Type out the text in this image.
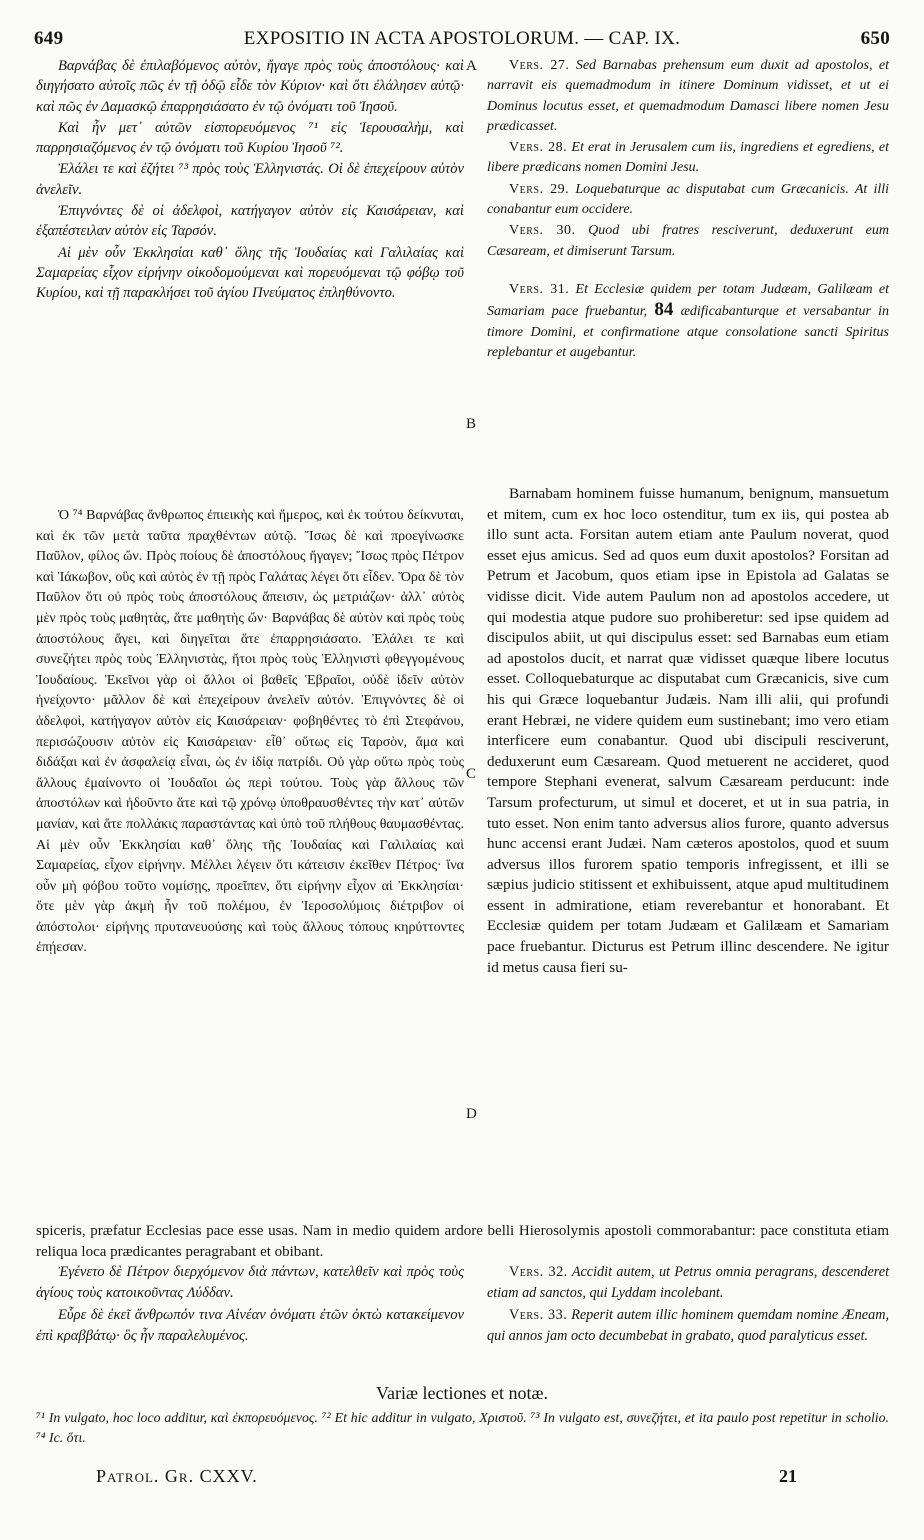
649	EXPOSITIO IN ACTA APOSTOLORUM. — CAP. IX.	650

Βαρνάβας δὲ ἐπιλαβόμενος αὐτὸν, ἤγαγε πρὸς τοὺς ἀποστόλους· καὶ διηγήσατο αὐτοῖς πῶς ἐν τῇ ὁδῷ εἶδε τὸν Κύριον· καὶ ὅτι ἐλάλησεν αὐτῷ· καὶ πῶς ἐν Δαμασκῷ ἐπαρρησιάσατο ἐν τῷ ὀνόματι τοῦ Ἰησοῦ.

Καὶ ἦν μετ᾽ αὐτῶν εἰσπορευόμενος ⁷¹ εἰς Ἱερουσαλὴμ, καὶ παρρησιαζόμενος ἐν τῷ ὀνόματι τοῦ Κυρίου Ἰησοῦ ⁷².

Ἐλάλει τε καὶ ἐζήτει ⁷³ πρὸς τοὺς Ἑλληνιστάς. Οἱ δὲ ἐπεχείρουν αὐτὸν ἀνελεῖν.

Ἐπιγνόντες δὲ οἱ ἀδελφοὶ, κατήγαγον αὐτὸν εἰς Καισάρειαν, καὶ ἐξαπέστειλαν αὐτὸν εἰς Ταρσόν.

Αἱ μὲν οὖν Ἐκκλησίαι καθ᾽ ὅλης τῆς Ἰουδαίας καὶ Γαλιλαίας καὶ Σαμαρείας εἶχον εἰρήνην οἰκοδομούμεναι καὶ πορευόμεναι τῷ φόβῳ τοῦ Κυρίου, καὶ τῇ παρακλήσει τοῦ ἁγίου Πνεύματος ἐπληθύνοντο.

A
B
C
D

Vers. 27. Sed Barnabas prehensum eum duxit ad apostolos, et narravit eis quemadmodum in itinere Dominum vidisset, et ut ei Dominus locutus esset, et quemadmodum Damasci libere nomen Jesu prædicasset.

Vers. 28. Et erat in Jerusalem cum iis, ingrediens et egrediens, et libere prædicans nomen Domini Jesu.

Vers. 29. Loquebaturque ac disputabat cum Græcanicis. At illi conabantur eum occidere.

Vers. 30. Quod ubi fratres resciverunt, deduxerunt eum Cæsaream, et dimiserunt Tarsum.

Vers. 31. Et Ecclesiæ quidem per totam Judæam, Galilæam et Samariam pace fruebantur, 84 ædificabanturque et versabantur in timore Domini, et confirmatione atque consolatione sancti Spiritus replebantur et augebantur.

Ὁ ⁷⁴ Βαρνάβας ἄνθρωπος ἐπιεικὴς καὶ ἥμερος, καὶ ἐκ τούτου δείκνυται, καὶ ἐκ τῶν μετὰ ταῦτα πραχθέντων αὐτῷ. Ἴσως δὲ καὶ προεγίνωσκε Παῦλον, φίλος ὤν. Πρὸς ποίους δὲ ἀποστόλους ἤγαγεν; Ἴσως πρὸς Πέτρον καὶ Ἰάκωβον, οὓς καὶ αὐτὸς ἐν τῇ πρὸς Γαλάτας λέγει ὅτι εἶδεν. Ὅρα δὲ τὸν Παῦλον ὅτι οὐ πρὸς τοὺς ἀποστόλους ἄπεισιν, ὡς μετριάζων· ἀλλ᾽ αὐτὸς μὲν πρὸς τοὺς μαθητὰς, ἅτε μαθητὴς ὤν· Βαρνάβας δὲ αὐτὸν καὶ πρὸς τοὺς ἀποστόλους ἄγει, καὶ διηγεῖται ἅτε ἐπαρρησιάσατο. Ἐλάλει τε καὶ συνεζήτει πρὸς τοὺς Ἑλληνιστὰς, ἤτοι πρὸς τοὺς Ἑλληνιστὶ φθεγγομένους Ἰουδαίους. Ἐκεῖνοι γὰρ οἱ ἄλλοι οἱ βαθεῖς Ἑβραῖοι, οὐδὲ ἰδεῖν αὐτὸν ἠνείχοντο· μᾶλλον δὲ καὶ ἐπεχείρουν ἀνελεῖν αὐτόν. Ἐπιγνόντες δὲ οἱ ἀδελφοὶ, κατήγαγον αὐτὸν εἰς Καισάρειαν· φοβηθέντες τὸ ἐπὶ Στεφάνου, περισώζουσιν αὐτὸν εἰς Καισάρειαν· εἶθ᾽ οὕτως εἰς Ταρσὸν, ἅμα καὶ διδάξαι καὶ ἐν ἀσφαλείᾳ εἶναι, ὡς ἐν ἰδίᾳ πατρίδι. Οὐ γὰρ οὕτω πρὸς τοὺς ἄλλους ἐμαίνοντο οἱ Ἰουδαῖοι ὡς περὶ τούτου. Τοὺς γὰρ ἄλλους τῶν ἀποστόλων καὶ ἠδοῦντο ἅτε καὶ τῷ χρόνῳ ὑποθραυσθέντες τὴν κατ᾽ αὐτῶν μανίαν, καὶ ἅτε πολλάκις παραστάντας καὶ ὑπὸ τοῦ πλήθους θαυμασθέντας. Αἱ μὲν οὖν Ἐκκλησίαι καθ᾽ ὅλης τῆς Ἰουδαίας καὶ Γαλιλαίας καὶ Σαμαρείας, εἶχον εἰρήνην. Μέλλει λέγειν ὅτι κάτεισιν ἐκεῖθεν Πέτρος· ἵνα οὖν μὴ φόβου τοῦτο νομίσῃς, προεῖπεν, ὅτι εἰρήνην εἶχον αἱ Ἐκκλησίαι· ὅτε μὲν γὰρ ἀκμὴ ἦν τοῦ πολέμου, ἐν Ἱεροσολύμοις διέτριβον οἱ ἀπόστολοι· εἰρήνης πρυτανευούσης καὶ τοὺς ἄλλους τόπους κηρύττοντες ἐπῄεσαν.

Barnabam hominem fuisse humanum, benignum, mansuetum et mitem, cum ex hoc loco ostenditur, tum ex iis, qui postea ab illo sunt acta. Forsitan autem etiam ante Paulum noverat, quod esset ejus amicus. Sed ad quos eum duxit apostolos? Forsitan ad Petrum et Jacobum, quos etiam ipse in Epistola ad Galatas se vidisse dicit. Vide autem Paulum non ad apostolos accedere, ut qui modestia atque pudore suo prohiberetur: sed ipse quidem ad discipulos abiit, ut qui discipulus esset: sed Barnabas eum etiam ad apostolos ducit, et narrat quæ vidisset quæque libere locutus esset. Colloquebaturque ac disputabat cum Græcanicis, sive cum his qui Græce loquebantur Judæis. Nam illi alii, qui profundi erant Hebræi, ne videre quidem eum sustinebant; imo vero etiam interficere eum conabantur. Quod ubi discipuli resciverunt, deduxerunt eum Cæsaream. Quod metuerent ne accideret, quod tempore Stephani evenerat, salvum Cæsaream perducunt: inde Tarsum profecturum, ut simul et doceret, et ut in sua patria, in tuto esset. Non enim tanto adversus alios furore, quanto adversus hunc accensi erant Judæi. Nam cæteros apostolos, quod et suum adversus illos furorem spatio temporis infregissent, et illi se sæpius judicio stitissent et exhibuissent, atque apud multitudinem essent in admiratione, etiam reverebantur et honorabant. Et Ecclesiæ quidem per totam Judæam et Galilæam et Samariam pace fruebantur. Dicturus est Petrum illinc descendere. Ne igitur id metus causa fieri su-

spiceris, præfatur Ecclesias pace esse usas. Nam in medio quidem ardore belli Hierosolymis apostoli commorabantur: pace constituta etiam reliqua loca prædicantes peragrabant et obibant.

Ἐγένετο δὲ Πέτρον διερχόμενον διὰ πάντων, κατελθεῖν καὶ πρὸς τοὺς ἁγίους τοὺς κατοικοῦντας Λύδδαν.

Εὗρε δὲ ἐκεῖ ἄνθρωπόν τινα Αἰνέαν ὀνόματι ἐτῶν ὀκτὼ κατακείμενον ἐπὶ κραββάτῳ· ὃς ἦν παραλελυμένος.

Vers. 32. Accidit autem, ut Petrus omnia peragrans, descenderet etiam ad sanctos, qui Lyddam incolebant.

Vers. 33. Reperit autem illic hominem quemdam nomine Æneam, qui annos jam octo decumbebat in grabato, quod paralyticus esset.

Variæ lectiones et notæ.
⁷¹ In vulgato, hoc loco additur, καὶ ἐκπορευόμενος. ⁷² Et hic additur in vulgato, Χριστοῦ. ⁷³ In vulgato est, συνεζήτει, et ita paulo post repetitur in scholio. ⁷⁴ Ιc. ὅτι.
Patrol. Gr. CXXV.	21
